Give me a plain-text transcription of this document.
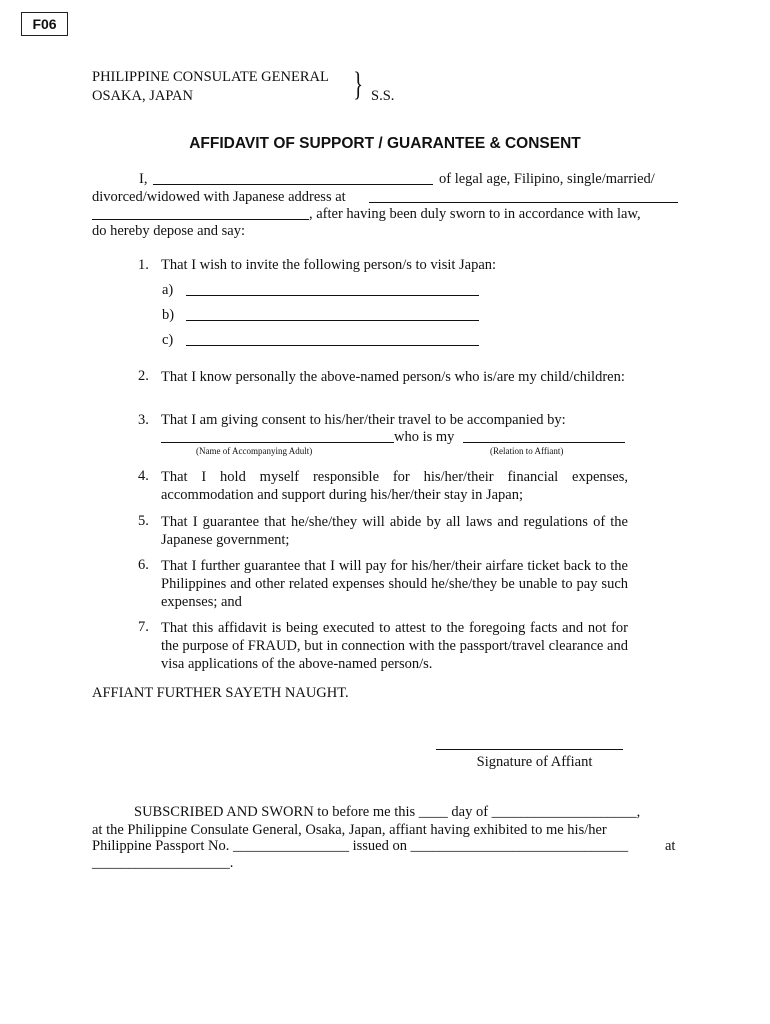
F06
PHILIPPINE CONSULATE GENERAL
OSAKA, JAPAN	} S.S.
AFFIDAVIT OF SUPPORT / GUARANTEE & CONSENT
I,	of legal age, Filipino, single/married/
divorced/widowed with Japanese address at
, after having been duly sworn to in accordance with law,
do hereby depose and say:
1. That I wish to invite the following person/s to visit Japan:
a)
b)
c)
2. That I know personally the above-named person/s who is/are my child/children:
3. That I am giving consent to his/her/their travel to be accompanied by:
who is my
(Name of Accompanying Adult)	(Relation to Affiant)
4. That I hold myself responsible for his/her/their financial expenses, accommodation and support during his/her/their stay in Japan;
5. That I guarantee that he/she/they will abide by all laws and regulations of the Japanese government;
6. That I further guarantee that I will pay for his/her/their airfare ticket back to the Philippines and other related expenses should he/she/they be unable to pay such expenses; and
7. That this affidavit is being executed to attest to the foregoing facts and not for the purpose of FRAUD, but in connection with the passport/travel clearance and visa applications of the above-named person/s.
AFFIANT FURTHER SAYETH NAUGHT.
Signature of Affiant
SUBSCRIBED AND SWORN to before me this ____ day of ____________________,
at the Philippine Consulate General, Osaka, Japan, affiant having exhibited to me his/her
Philippine Passport No. ________________ issued on ______________________________	at
___________________.
